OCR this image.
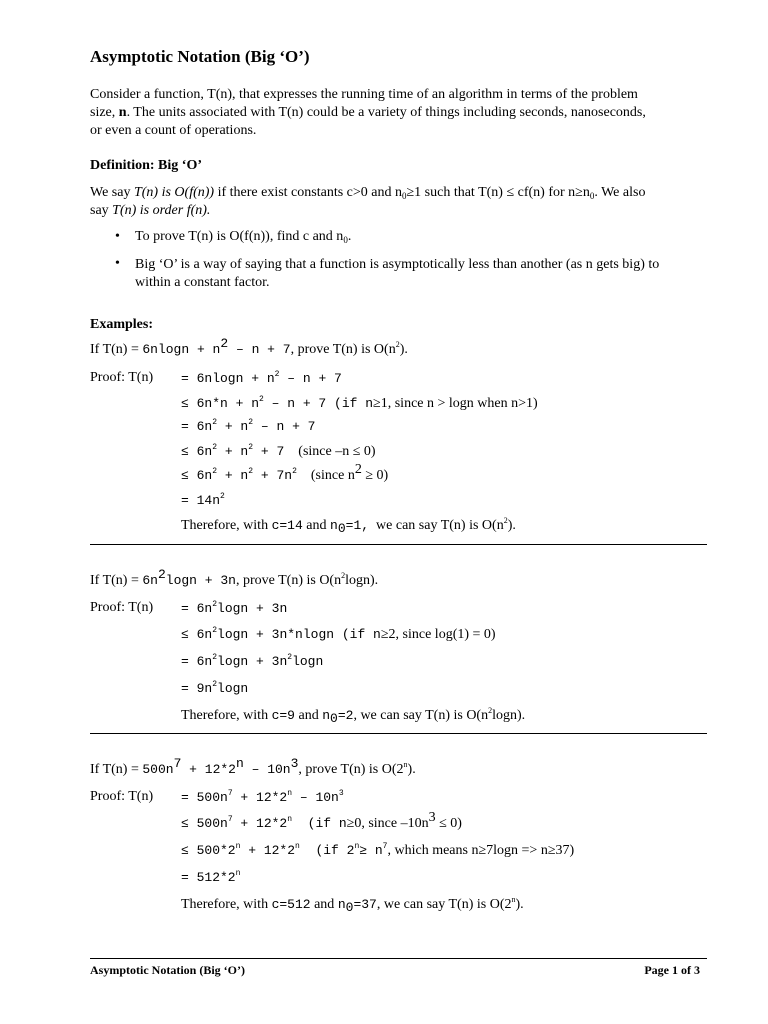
Asymptotic Notation (Big ‘O’)
Consider a function, T(n), that expresses the running time of an algorithm in terms of the problem
size, n. The units associated with T(n) could be a variety of things including seconds, nanoseconds,
or even a count of operations.
Definition: Big ‘O’
We say T(n) is O(f(n)) if there exist constants c>0 and $n_0\ge 1$ such that T(n) ≤ cf(n) for $n\ge n_0$. We also
say T(n) is order f(n).
• To prove T(n) is O(f(n)), find c and $n_0$.
• Big ‘O’ is a way of saying that a function is asymptotically less than another (as n gets big) to
within a constant factor.
Examples:
If $T(n) = 6nlogn + n^2 - n + 7$, prove T(n) is $O(n^2)$.
Proof: $T(n) = 6nlogn + n^2 - n + 7$
≤ $6n*n + n^2 - n + 7$ (if n≥1, since n > logn when n>1)
= $6n^2 + n^2 - n + 7$
≤ $6n^2 + n^2 + 7$    (since –n ≤ 0)
≤ $6n^2 + n^2 + 7n^2$    (since $n^2 \ge 0$)
= $14n^2$
Therefore, with c=14 and $n_0=1$,  we can say T(n) is $O(n^2)$.
If $T(n) = 6n^2\log n + 3n$, prove T(n) is $O(n^2\log n)$.
Proof: $T(n) = 6n^2\log n + 3n$
≤ $6n^2\log n + 3n*nlogn$ (if n≥2, since log(1) = 0)
= $6n^2\log n + 3n^2\log n$
= $9n^2\log n$
Therefore, with c=9 and $n_0=2$, we can say T(n) is $O(n^2\log n)$.
If $T(n) = 500n^7 + 12*2^n - 10n^3$, prove T(n) is O(2$^n$).
Proof: $T(n) = 500n^7 + 12*2^n - 10n^3$
≤ $500n^7 + 12*2^n$  (if n≥0, since $-10n^3 \le 0$)
≤ $500*2^n + 12*2^n$  (if $2^n\ge n^7$, which means n≥7logn => n≥37)
= $512*2^n$
Therefore, with c=512 and $n_0=37$, we can say T(n) is O(2$^n$).
Asymptotic Notation (Big ‘O’)	Page 1 of 3
